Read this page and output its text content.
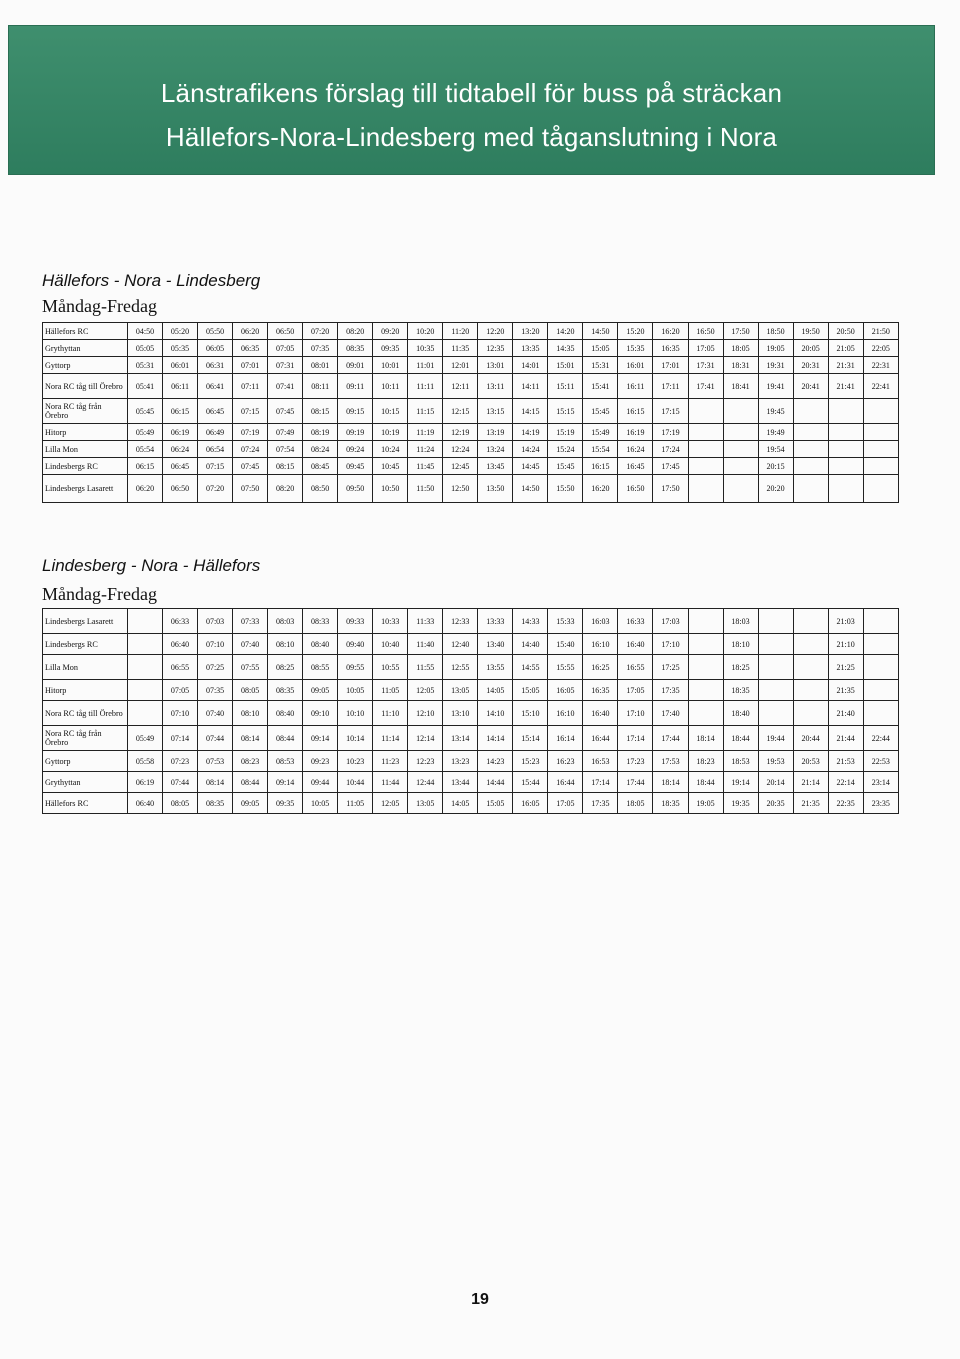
Länstrafikens förslag till tidtabell för buss på sträckan
Hällefors-Nora-Lindesberg med tåganslutning i Nora
Hällefors - Nora - Lindesberg
Måndag-Fredag
Hällefors RC	04:50	05:20	05:50	06:20	06:50	07:20	08:20	09:20	10:20	11:20	12:20	13:20	14:20	14:50	15:20	16:20	16:50	17:50	18:50	19:50	20:50	21:50
Grythyttan	05:05	05:35	06:05	06:35	07:05	07:35	08:35	09:35	10:35	11:35	12:35	13:35	14:35	15:05	15:35	16:35	17:05	18:05	19:05	20:05	21:05	22:05
Gyttorp	05:31	06:01	06:31	07:01	07:31	08:01	09:01	10:01	11:01	12:01	13:01	14:01	15:01	15:31	16:01	17:01	17:31	18:31	19:31	20:31	21:31	22:31
Nora RC tåg till Örebro	05:41	06:11	06:41	07:11	07:41	08:11	09:11	10:11	11:11	12:11	13:11	14:11	15:11	15:41	16:11	17:11	17:41	18:41	19:41	20:41	21:41	22:41
Nora RC tåg från Örebro	05:45	06:15	06:45	07:15	07:45	08:15	09:15	10:15	11:15	12:15	13:15	14:15	15:15	15:45	16:15	17:15			19:45			
Hitorp	05:49	06:19	06:49	07:19	07:49	08:19	09:19	10:19	11:19	12:19	13:19	14:19	15:19	15:49	16:19	17:19			19:49			
Lilla Mon	05:54	06:24	06:54	07:24	07:54	08:24	09:24	10:24	11:24	12:24	13:24	14:24	15:24	15:54	16:24	17:24			19:54			
Lindesbergs RC	06:15	06:45	07:15	07:45	08:15	08:45	09:45	10:45	11:45	12:45	13:45	14:45	15:45	16:15	16:45	17:45			20:15			
Lindesbergs Lasarett	06:20	06:50	07:20	07:50	08:20	08:50	09:50	10:50	11:50	12:50	13:50	14:50	15:50	16:20	16:50	17:50			20:20			
Lindesberg - Nora - Hällefors
Måndag-Fredag
Lindesbergs Lasarett		06:33	07:03	07:33	08:03	08:33	09:33	10:33	11:33	12:33	13:33	14:33	15:33	16:03	16:33	17:03		18:03			21:03	
Lindesbergs RC		06:40	07:10	07:40	08:10	08:40	09:40	10:40	11:40	12:40	13:40	14:40	15:40	16:10	16:40	17:10		18:10			21:10	
Lilla Mon		06:55	07:25	07:55	08:25	08:55	09:55	10:55	11:55	12:55	13:55	14:55	15:55	16:25	16:55	17:25		18:25			21:25	
Hitorp		07:05	07:35	08:05	08:35	09:05	10:05	11:05	12:05	13:05	14:05	15:05	16:05	16:35	17:05	17:35		18:35			21:35	
Nora RC tåg till Örebro		07:10	07:40	08:10	08:40	09:10	10:10	11:10	12:10	13:10	14:10	15:10	16:10	16:40	17:10	17:40		18:40			21:40	
Nora RC tåg från Örebro	05:49	07:14	07:44	08:14	08:44	09:14	10:14	11:14	12:14	13:14	14:14	15:14	16:14	16:44	17:14	17:44	18:14	18:44	19:44	20:44	21:44	22:44
Gyttorp	05:58	07:23	07:53	08:23	08:53	09:23	10:23	11:23	12:23	13:23	14:23	15:23	16:23	16:53	17:23	17:53	18:23	18:53	19:53	20:53	21:53	22:53
Grythyttan	06:19	07:44	08:14	08:44	09:14	09:44	10:44	11:44	12:44	13:44	14:44	15:44	16:44	17:14	17:44	18:14	18:44	19:14	20:14	21:14	22:14	23:14
Hällefors RC	06:40	08:05	08:35	09:05	09:35	10:05	11:05	12:05	13:05	14:05	15:05	16:05	17:05	17:35	18:05	18:35	19:05	19:35	20:35	21:35	22:35	23:35
19
